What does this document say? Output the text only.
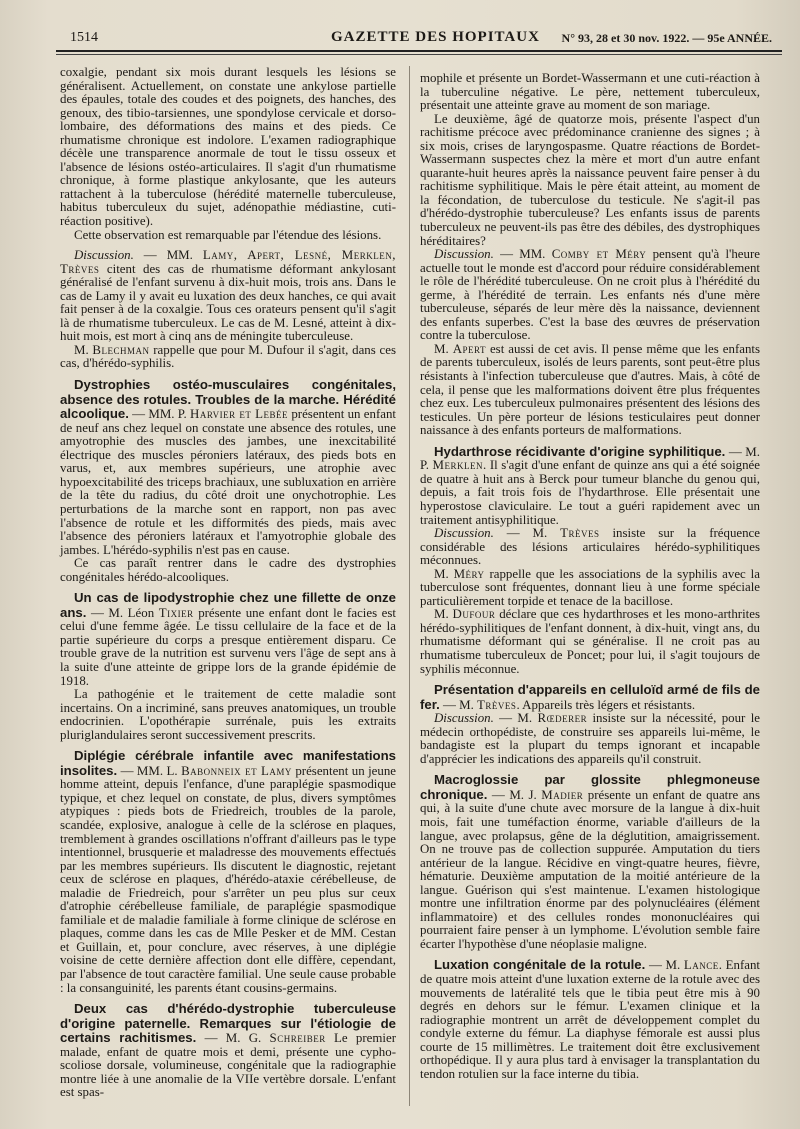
1514	GAZETTE DES HOPITAUX N° 93, 28 et 30 nov. 1922. — 95e ANNÉE.

coxalgie, pendant six mois durant lesquels les lésions se généralisent. Actuellement, on constate une ankylose partielle des épaules, totale des coudes et des poignets, des hanches, des genoux, des tibio-tarsiennes, une spondylose cervicale et dorso-lombaire, des déformations des mains et des pieds. Ce rhumatisme chronique est indolore. L'examen radiographique décèle une transparence anormale de tout le tissu osseux et l'absence de lésions ostéo-articulaires. Il s'agit d'un rhumatisme chronique, à forme plastique ankylosante, que les auteurs rattachent à la tuberculose (hérédité maternelle tuberculeuse, habitus tuberculeux du sujet, adénopathie médiastine, cuti-réaction positive).

Cette observation est remarquable par l'étendue des lésions.

Discussion. — MM. Lamy, Apert, Lesné, Merklen, Trèves citent des cas de rhumatisme déformant ankylosant généralisé de l'enfant survenu à dix-huit mois, trois ans. Dans le cas de Lamy il y avait eu luxation des deux hanches, ce qui avait fait penser à de la coxalgie. Tous ces orateurs pensent qu'il s'agit là de rhumatisme tuberculeux. Le cas de M. Lesné, atteint à dix-huit mois, est mort à cinq ans de méningite tuberculeuse.

M. Blechman rappelle que pour M. Dufour il s'agit, dans ces cas, d'hérédo-syphilis.

Dystrophies ostéo-musculaires congénitales, absence des rotules. Troubles de la marche. Hérédité alcoolique. — MM. P. Harvier et Lebée présentent un enfant de neuf ans chez lequel on constate une absence des rotules, une amyotrophie des muscles des jambes, une inexcitabilité électrique des muscles péroniers latéraux, des pieds bots en varus, et, aux membres supérieurs, une atrophie avec hypoexcitabilité des triceps brachiaux, une subluxation en arrière de la tête du radius, du côté droit une onychotrophie. Les perturbations de la marche sont en rapport, non pas avec l'absence de rotule et les difformités des pieds, mais avec l'absence des péroniers latéraux et l'amyotrophie globale des jambes. L'hérédo-syphilis n'est pas en cause.

Ce cas paraît rentrer dans le cadre des dystrophies congénitales hérédo-alcooliques.

Un cas de lipodystrophie chez une fillette de onze ans. — M. Léon Tixier présente une enfant dont le facies est celui d'une femme âgée. Le tissu cellulaire de la face et de la partie supérieure du corps a presque entièrement disparu. Ce trouble grave de la nutrition est survenu vers l'âge de sept ans à la suite d'une atteinte de grippe lors de la grande épidémie de 1918.

La pathogénie et le traitement de cette maladie sont incertains. On a incriminé, sans preuves anatomiques, un trouble endocrinien. L'opothérapie surrénale, puis les extraits pluriglandulaires seront successivement prescrits.

Diplégie cérébrale infantile avec manifestations insolites. — MM. L. Babonneix et Lamy présentent un jeune homme atteint, depuis l'enfance, d'une paraplégie spasmodique typique, et chez lequel on constate, de plus, divers symptômes atypiques : pieds bots de Friedreich, troubles de la parole, scandée, explosive, analogue à celle de la sclérose en plaques, tremblement à grandes oscillations n'offrant d'ailleurs pas le type intentionnel, brusquerie et maladresse des mouvements effectués par les membres supérieurs. Ils discutent le diagnostic, rejetant ceux de sclérose en plaques, d'hérédo-ataxie cérébelleuse, de maladie de Friedreich, pour s'arrêter un peu plus sur ceux d'atrophie cérébelleuse familiale, de paraplégie spasmodique familiale et de maladie familiale à forme clinique de sclérose en plaques, comme dans les cas de Mlle Pesker et de MM. Cestan et Guillain, et, pour conclure, avec réserves, à une diplégie voisine de cette dernière affection dont elle diffère, cependant, par l'absence de tout caractère familial. Une seule cause probable : la consanguinité, les parents étant cousins-germains.

Deux cas d'hérédo-dystrophie tuberculeuse d'origine paternelle. Remarques sur l'étiologie de certains rachitismes. — M. G. Schreiber Le premier malade, enfant de quatre mois et demi, présente une cypho-scoliose dorsale, volumineuse, congénitale que la radiographie montre liée à une anomalie de la VIIe vertèbre dorsale. L'enfant est spas-

mophile et présente un Bordet-Wassermann et une cuti-réaction à la tuberculine négative. Le père, nettement tuberculeux, présentait une atteinte grave au moment de son mariage.

Le deuxième, âgé de quatorze mois, présente l'aspect d'un rachitisme précoce avec prédominance cranienne des signes ; à six mois, crises de laryngospasme. Quatre réactions de Bordet-Wassermann suspectes chez la mère et mort d'un autre enfant quarante-huit heures après la naissance peuvent faire penser à du rachitisme syphilitique. Mais le père était atteint, au moment de la fécondation, de tuberculose du testicule. Ne s'agit-il pas d'hérédo-dystrophie tuberculeuse? Les enfants issus de parents tuberculeux ne peuvent-ils pas être des débiles, des dystrophiques héréditaires?

Discussion. — MM. Comby et Méry pensent qu'à l'heure actuelle tout le monde est d'accord pour réduire considérablement le rôle de l'hérédité tuberculeuse. On ne croit plus à l'hérédité du germe, à l'hérédité de terrain. Les enfants nés d'une mère tuberculeuse, séparés de leur mère dès la naissance, deviennent des enfants superbes. C'est la base des œuvres de préservation contre la tuberculose.

M. Apert est aussi de cet avis. Il pense même que les enfants de parents tuberculeux, isolés de leurs parents, sont peut-être plus résistants à l'infection tuberculeuse que d'autres. Mais, à côté de cela, il pense que les malformations doivent être plus fréquentes chez eux. Les tuberculeux pulmonaires présentent des lésions des testicules. Un père porteur de lésions testiculaires peut donner naissance à des enfants porteurs de malformations.

Hydarthrose récidivante d'origine syphilitique. — M. P. Merklen. Il s'agit d'une enfant de quinze ans qui a été soignée de quatre à huit ans à Berck pour tumeur blanche du genou qui, depuis, a fait trois fois de l'hydarthrose. Elle présentait une hyperostose claviculaire. Le tout a guéri rapidement avec un traitement antisyphilitique.

Discussion. — M. Trèves insiste sur la fréquence considérable des lésions articulaires hérédo-syphilitiques méconnues.

M. Méry rappelle que les associations de la syphilis avec la tuberculose sont fréquentes, donnant lieu à une forme spéciale particulièrement torpide et tenace de la bacillose.

M. Dufour déclare que ces hydarthroses et les mono-arthrites hérédo-syphilitiques de l'enfant donnent, à dix-huit, vingt ans, du rhumatisme déformant qui se généralise. Il ne croit pas au rhumatisme tuberculeux de Poncet; pour lui, il s'agit toujours de syphilis méconnue.

Présentation d'appareils en celluloïd armé de fils de fer. — M. Trèves. Appareils très légers et résistants.

Discussion. — M. Rœderer insiste sur la nécessité, pour le médecin orthopédiste, de construire ses appareils lui-même, le bandagiste est la plupart du temps ignorant et incapable d'apprécier les indications des appareils qu'il construit.

Macroglossie par glossite phlegmoneuse chronique. — M. J. Madier présente un enfant de quatre ans qui, à la suite d'une chute avec morsure de la langue à dix-huit mois, fait une tuméfaction énorme, variable d'ailleurs de la langue, avec prolapsus, gêne de la déglutition, amaigrissement. On ne trouve pas de collection suppurée. Amputation du tiers antérieur de la langue. Récidive en vingt-quatre heures, fièvre, hématurie. Deuxième amputation de la moitié antérieure de la langue. Guérison qui s'est maintenue. L'examen histologique montre une infiltration énorme par des polynucléaires (élément inflammatoire) et des cellules rondes mononucléaires qui pourraient faire penser à un lymphome. L'évolution semble faire écarter l'hypothèse d'une néoplasie maligne.

Luxation congénitale de la rotule. — M. Lance. Enfant de quatre mois atteint d'une luxation externe de la rotule avec des mouvements de latéralité tels que le tibia peut être mis à 90 degrés en dehors sur le fémur. L'examen clinique et la radiographie montrent un arrêt de développement complet du condyle externe du fémur. La diaphyse fémorale est aussi plus courte de 15 millimètres. Le traitement doit être exclusivement orthopédique. Il y aura plus tard à envisager la transplantation du tendon rotulien sur la face interne du tibia.
